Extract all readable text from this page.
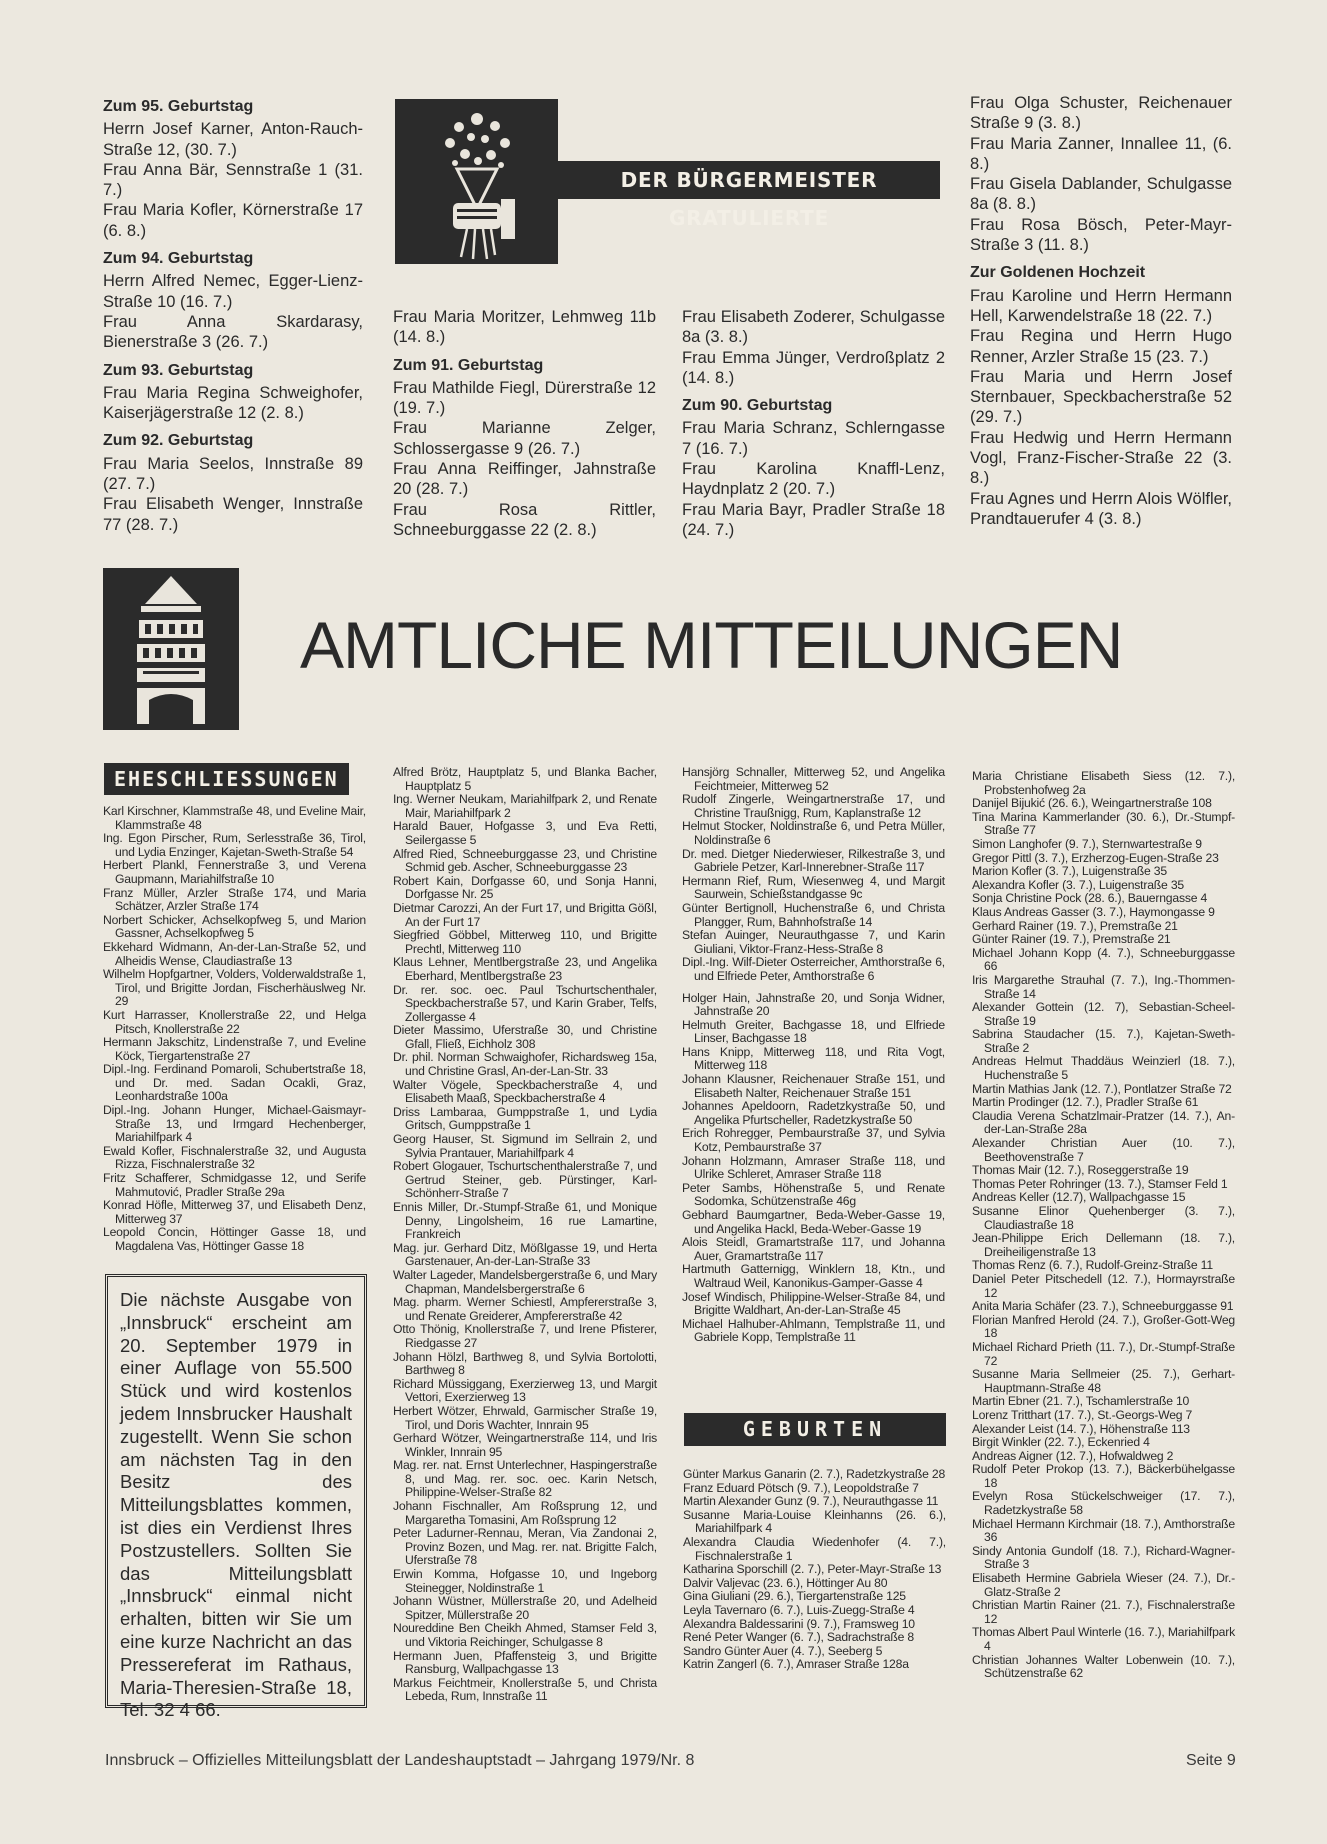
Zum 95. Geburtstag

Herrn Josef Karner, Anton-Rauch-Straße 12, (30. 7.)

Frau Anna Bär, Sennstraße 1 (31. 7.)

Frau Maria Kofler, Körnerstraße 17 (6. 8.)

Zum 94. Geburtstag

Herrn Alfred Nemec, Egger-Lienz-Straße 10 (16. 7.)

Frau Anna Skardarasy, Bienerstraße 3 (26. 7.)

Zum 93. Geburtstag

Frau Maria Regina Schweighofer, Kaiserjägerstraße 12 (2. 8.)

Zum 92. Geburtstag

Frau Maria Seelos, Innstraße 89 (27. 7.)

Frau Elisabeth Wenger, Innstraße 77 (28. 7.)

DER BÜRGERMEISTER GRATULIERTE

Frau Maria Moritzer, Lehmweg 11b (14. 8.)

Zum 91. Geburtstag

Frau Mathilde Fiegl, Dürerstraße 12 (19. 7.)

Frau Marianne Zelger, Schlossergasse 9 (26. 7.)

Frau Anna Reiffinger, Jahnstraße 20 (28. 7.)

Frau Rosa Rittler, Schneeburggasse 22 (2. 8.)

Frau Elisabeth Zoderer, Schulgasse 8a (3. 8.)

Frau Emma Jünger, Verdroßplatz 2 (14. 8.)

Zum 90. Geburtstag

Frau Maria Schranz, Schlerngasse 7 (16. 7.)

Frau Karolina Knaffl-Lenz, Haydnplatz 2 (20. 7.)

Frau Maria Bayr, Pradler Straße 18 (24. 7.)

Frau Olga Schuster, Reichenauer Straße 9 (3. 8.)

Frau Maria Zanner, Innallee 11, (6. 8.)

Frau Gisela Dablander, Schulgasse 8a (8. 8.)

Frau Rosa Bösch, Peter-Mayr-Straße 3 (11. 8.)

Zur Goldenen Hochzeit

Frau Karoline und Herrn Hermann Hell, Karwendelstraße 18 (22. 7.)

Frau Regina und Herrn Hugo Renner, Arzler Straße 15 (23. 7.)

Frau Maria und Herrn Josef Sternbauer, Speckbacherstraße 52 (29. 7.)

Frau Hedwig und Herrn Hermann Vogl, Franz-Fischer-Straße 22 (3. 8.)

Frau Agnes und Herrn Alois Wölfler, Prandtauerufer 4 (3. 8.)

AMTLICHE MITTEILUNGEN
EHESCHLIESSUNGEN

Karl Kirschner, Klammstraße 48, und Eveline Mair, Klammstraße 48

Ing. Egon Pirscher, Rum, Serlesstraße 36, Tirol, und Lydia Enzinger, Kajetan-Sweth-Straße 54

Herbert Plankl, Fennerstraße 3, und Verena Gaupmann, Mariahilfstraße 10

Franz Müller, Arzler Straße 174, und Maria Schätzer, Arzler Straße 174

Norbert Schicker, Achselkopfweg 5, und Marion Gassner, Achselkopfweg 5

Ekkehard Widmann, An-der-Lan-Straße 52, und Alheidis Wense, Claudiastraße 13

Wilhelm Hopfgartner, Volders, Volderwaldstraße 1, Tirol, und Brigitte Jordan, Fischerhäuslweg Nr. 29

Kurt Harrasser, Knollerstraße 22, und Helga Pitsch, Knollerstraße 22

Hermann Jakschitz, Lindenstraße 7, und Eveline Köck, Tiergartenstraße 27

Dipl.-Ing. Ferdinand Pomaroli, Schubertstraße 18, und Dr. med. Sadan Ocakli, Graz, Leonhardstraße 100a

Dipl.-Ing. Johann Hunger, Michael-Gaismayr-Straße 13, und Irmgard Hechenberger, Mariahilfpark 4

Ewald Kofler, Fischnalerstraße 32, und Augusta Rizza, Fischnalerstraße 32

Fritz Schafferer, Schmidgasse 12, und Serife Mahmutović, Pradler Straße 29a

Konrad Höfle, Mitterweg 37, und Elisabeth Denz, Mitterweg 37

Leopold Concin, Höttinger Gasse 18, und Magdalena Vas, Höttinger Gasse 18

Die nächste Ausgabe von „Innsbruck“ erscheint am 20. September 1979 in einer Auflage von 55.500 Stück und wird kostenlos jedem Innsbrucker Haushalt zugestellt. Wenn Sie schon am nächsten Tag in den Besitz des Mitteilungsblattes kommen, ist dies ein Verdienst Ihres Postzustellers. Sollten Sie das Mitteilungsblatt „Innsbruck“ einmal nicht erhalten, bitten wir Sie um eine kurze Nachricht an das Pressereferat im Rathaus, Maria-Theresien-Straße 18, Tel. 32 4 66.

Alfred Brötz, Hauptplatz 5, und Blanka Bacher, Hauptplatz 5

Ing. Werner Neukam, Mariahilfpark 2, und Renate Mair, Mariahilfpark 2

Harald Bauer, Hofgasse 3, und Eva Retti, Seilergasse 5

Alfred Ried, Schneeburggasse 23, und Christine Schmid geb. Ascher, Schneeburggasse 23

Robert Kain, Dorfgasse 60, und Sonja Hanni, Dorfgasse Nr. 25

Dietmar Carozzi, An der Furt 17, und Brigitta Gößl, An der Furt 17

Siegfried Göbbel, Mitterweg 110, und Brigitte Prechtl, Mitterweg 110

Klaus Lehner, Mentlbergstraße 23, und Angelika Eberhard, Mentlbergstraße 23

Dr. rer. soc. oec. Paul Tschurtschenthaler, Speckbacherstraße 57, und Karin Graber, Telfs, Zollergasse 4

Dieter Massimo, Uferstraße 30, und Christine Gfall, Fließ, Eichholz 308

Dr. phil. Norman Schwaighofer, Richardsweg 15a, und Christine Grasl, An-der-Lan-Str. 33

Walter Vögele, Speckbacherstraße 4, und Elisabeth Maaß, Speckbacherstraße 4

Driss Lambaraa, Gumppstraße 1, und Lydia Gritsch, Gumppstraße 1

Georg Hauser, St. Sigmund im Sellrain 2, und Sylvia Prantauer, Mariahilfpark 4

Robert Glogauer, Tschurtschenthalerstraße 7, und Gertrud Steiner, geb. Pürstinger, Karl-Schönherr-Straße 7

Ennis Miller, Dr.-Stumpf-Straße 61, und Monique Denny, Lingolsheim, 16 rue Lamartine, Frankreich

Mag. jur. Gerhard Ditz, Mößlgasse 19, und Herta Garstenauer, An-der-Lan-Straße 33

Walter Lageder, Mandelsbergerstraße 6, und Mary Chapman, Mandelsbergerstraße 6

Mag. pharm. Werner Schiestl, Ampfererstraße 3, und Renate Greiderer, Ampfererstraße 42

Otto Thönig, Knollerstraße 7, und Irene Pfisterer, Riedgasse 27

Johann Hölzl, Barthweg 8, und Sylvia Bortolotti, Barthweg 8

Richard Müssiggang, Exerzierweg 13, und Margit Vettori, Exerzierweg 13

Herbert Wötzer, Ehrwald, Garmischer Straße 19, Tirol, und Doris Wachter, Innrain 95

Gerhard Wötzer, Weingartnerstraße 114, und Iris Winkler, Innrain 95

Mag. rer. nat. Ernst Unterlechner, Haspingerstraße 8, und Mag. rer. soc. oec. Karin Netsch, Philippine-Welser-Straße 82

Johann Fischnaller, Am Roßsprung 12, und Margaretha Tomasini, Am Roßsprung 12

Peter Ladurner-Rennau, Meran, Via Zandonai 2, Provinz Bozen, und Mag. rer. nat. Brigitte Falch, Uferstraße 78

Erwin Komma, Hofgasse 10, und Ingeborg Steinegger, Noldinstraße 1

Johann Wüstner, Müllerstraße 20, und Adelheid Spitzer, Müllerstraße 20

Noureddine Ben Cheikh Ahmed, Stamser Feld 3, und Viktoria Reichinger, Schulgasse 8

Hermann Juen, Pfaffensteig 3, und Brigitte Ransburg, Wallpachgasse 13

Markus Feichtmeir, Knollerstraße 5, und Christa Lebeda, Rum, Innstraße 11

Hansjörg Schnaller, Mitterweg 52, und Angelika Feichtmeier, Mitterweg 52

Rudolf Zingerle, Weingartnerstraße 17, und Christine Traußnigg, Rum, Kaplanstraße 12

Helmut Stocker, Noldinstraße 6, und Petra Müller, Noldinstraße 6

Dr. med. Dietger Niederwieser, Rilkestraße 3, und Gabriele Petzer, Karl-Innerebner-Straße 117

Hermann Rief, Rum, Wiesenweg 4, und Margit Saurwein, Schießstandgasse 9c

Günter Bertignoll, Huchenstraße 6, und Christa Plangger, Rum, Bahnhofstraße 14

Stefan Auinger, Neurauthgasse 7, und Karin Giuliani, Viktor-Franz-Hess-Straße 8

Dipl.-Ing. Wilf-Dieter Osterreicher, Amthorstraße 6, und Elfriede Peter, Amthorstraße 6

Holger Hain, Jahnstraße 20, und Sonja Widner, Jahnstraße 20

Helmuth Greiter, Bachgasse 18, und Elfriede Linser, Bachgasse 18

Hans Knipp, Mitterweg 118, und Rita Vogt, Mitterweg 118

Johann Klausner, Reichenauer Straße 151, und Elisabeth Nalter, Reichenauer Straße 151

Johannes Apeldoorn, Radetzkystraße 50, und Angelika Pfurtscheller, Radetzkystraße 50

Erich Rohregger, Pembaurstraße 37, und Sylvia Kotz, Pembaurstraße 37

Johann Holzmann, Amraser Straße 118, und Ulrike Schleret, Amraser Straße 118

Peter Sambs, Höhenstraße 5, und Renate Sodomka, Schützenstraße 46g

Gebhard Baumgartner, Beda-Weber-Gasse 19, und Angelika Hackl, Beda-Weber-Gasse 19

Alois Steidl, Gramartstraße 117, und Johanna Auer, Gramartstraße 117

Hartmuth Gatternigg, Winklern 18, Ktn., und Waltraud Weil, Kanonikus-Gamper-Gasse 4

Josef Windisch, Philippine-Welser-Straße 84, und Brigitte Waldhart, An-der-Lan-Straße 45

Michael Halhuber-Ahlmann, Templstraße 11, und Gabriele Kopp, Templstraße 11

GEBURTEN

Günter Markus Ganarin (2. 7.), Radetzkystraße 28

Franz Eduard Pötsch (9. 7.), Leopoldstraße 7

Martin Alexander Gunz (9. 7.), Neurauthgasse 11

Susanne Maria-Louise Kleinhanns (26. 6.), Mariahilfpark 4

Alexandra Claudia Wiedenhofer (4. 7.), Fischnalerstraße 1

Katharina Sporschill (2. 7.), Peter-Mayr-Straße 13

Dalvir Valjevac (23. 6.), Höttinger Au 80

Gina Giuliani (29. 6.), Tiergartenstraße 125

Leyla Tavernaro (6. 7.), Luis-Zuegg-Straße 4

Alexandra Baldessarini (9. 7.), Framsweg 10

René Peter Wanger (6. 7.), Sadrachstraße 8

Sandro Günter Auer (4. 7.), Seeberg 5

Katrin Zangerl (6. 7.), Amraser Straße 128a

Maria Christiane Elisabeth Siess (12. 7.), Probstenhofweg 2a

Danijel Bijukić (26. 6.), Weingartnerstraße 108

Tina Marina Kammerlander (30. 6.), Dr.-Stumpf-Straße 77

Simon Langhofer (9. 7.), Sternwartestraße 9

Gregor Pittl (3. 7.), Erzherzog-Eugen-Straße 23

Marion Kofler (3. 7.), Luigenstraße 35

Alexandra Kofler (3. 7.), Luigenstraße 35

Sonja Christine Pock (28. 6.), Bauerngasse 4

Klaus Andreas Gasser (3. 7.), Haymongasse 9

Gerhard Rainer (19. 7.), Premstraße 21

Günter Rainer (19. 7.), Premstraße 21

Michael Johann Kopp (4. 7.), Schneeburggasse 66

Iris Margarethe Strauhal (7. 7.), Ing.-Thommen-Straße 14

Alexander Gottein (12. 7), Sebastian-Scheel-Straße 19

Sabrina Staudacher (15. 7.), Kajetan-Sweth-Straße 2

Andreas Helmut Thaddäus Weinzierl (18. 7.), Huchenstraße 5

Martin Mathias Jank (12. 7.), Pontlatzer Straße 72

Martin Prodinger (12. 7.), Pradler Straße 61

Claudia Verena Schatzlmair-Pratzer (14. 7.), An-der-Lan-Straße 28a

Alexander Christian Auer (10. 7.), Beethovenstraße 7

Thomas Mair (12. 7.), Roseggerstraße 19

Thomas Peter Rohringer (13. 7.), Stamser Feld 1

Andreas Keller (12.7), Wallpachgasse 15

Susanne Elinor Quehenberger (3. 7.), Claudiastraße 18

Jean-Philippe Erich Dellemann (18. 7.), Dreiheiligenstraße 13

Thomas Renz (6. 7.), Rudolf-Greinz-Straße 11

Daniel Peter Pitschedell (12. 7.), Hormayrstraße 12

Anita Maria Schäfer (23. 7.), Schneeburggasse 91

Florian Manfred Herold (24. 7.), Großer-Gott-Weg 18

Michael Richard Prieth (11. 7.), Dr.-Stumpf-Straße 72

Susanne Maria Sellmeier (25. 7.), Gerhart-Hauptmann-Straße 48

Martin Ebner (21. 7.), Tschamlerstraße 10

Lorenz Tritthart (17. 7.), St.-Georgs-Weg 7

Alexander Leist (14. 7.), Höhenstraße 113

Birgit Winkler (22. 7.), Eckenried 4

Andreas Aigner (12. 7.), Hofwaldweg 2

Rudolf Peter Prokop (13. 7.), Bäckerbühelgasse 18

Evelyn Rosa Stückelschweiger (17. 7.), Radetzkystraße 58

Michael Hermann Kirchmair (18. 7.), Amthorstraße 36

Sindy Antonia Gundolf (18. 7.), Richard-Wagner-Straße 3

Elisabeth Hermine Gabriela Wieser (24. 7.), Dr.-Glatz-Straße 2

Christian Martin Rainer (21. 7.), Fischnalerstraße 12

Thomas Albert Paul Winterle (16. 7.), Mariahilfpark 4

Christian Johannes Walter Lobenwein (10. 7.), Schützenstraße 62

Innsbruck – Offizielles Mitteilungsblatt der Landeshauptstadt – Jahrgang 1979/Nr. 8	Seite 9
